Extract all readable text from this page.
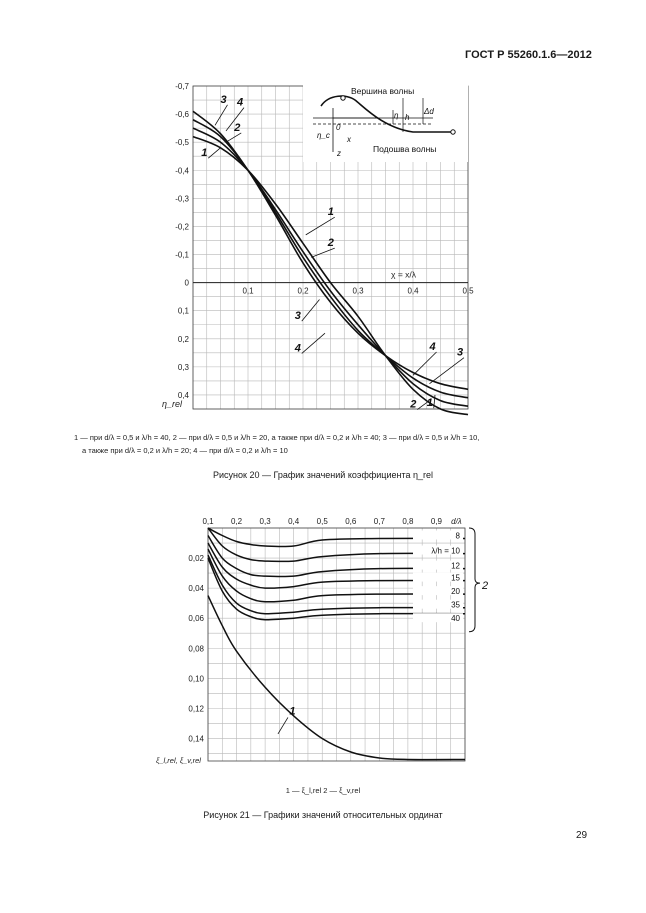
ГОСТ Р 55260.1.6—2012
-0,7
-0,6
-0,5
-0,4
-0,3
-0,2
-0,1
0
0,1
0,2
0,3
0,4
0,1	0,2	0,3	0,4	0,5
χ = x/λ
η_rel
1
2
3 4
1
2
3
4	4 3
2 1
Вершина волны
Подошва волны
η h
Δd
η_c
0
x
z
1 — при d/λ = 0,5 и λ/h = 40, 2 — при d/λ = 0,5 и λ/h = 20, а также при d/λ = 0,2 и λ/h = 40; 3 — при d/λ = 0,5 и λ/h = 10,
а также при d/λ = 0,2 и λ/h = 20; 4 — при d/λ = 0,2 и λ/h = 10
Рисунок 20 — График значений коэффициента η_rel
0,1 0,2 0,3 0,4 0,5 0,6 0,7 0,8 0,9 d/λ
0,02
0,04
0,06
0,08
0,10
0,12
0,14
ξ_l,rel, ξ_v,rel
8
λ/h = 10
12
15
20
35
40
2
1
1 — ξ_l,rel 2 — ξ_v,rel
Рисунок 21 — Графики значений относительных ординат
29
